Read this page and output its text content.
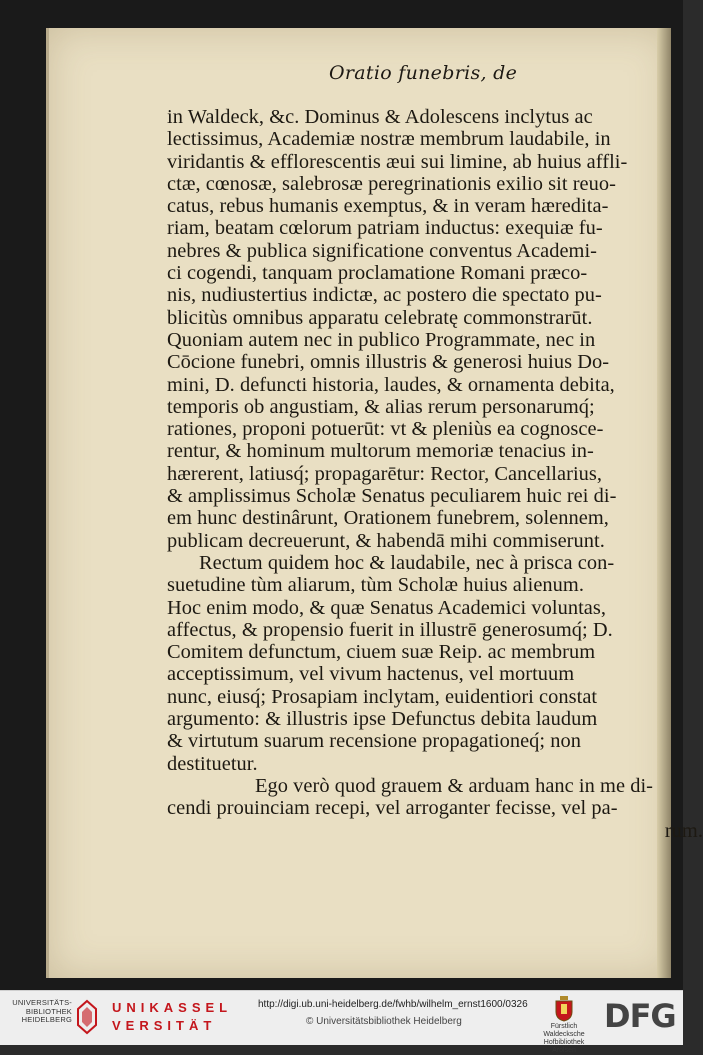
Oratio funebris, de
in Waldeck, &c. Dominus & Adolescens inclytus ac
lectissimus, Academiæ nostræ membrum laudabile, in
viridantis & efflorescentis æui sui limine, ab huius affli-
ctæ, cœnosæ, salebrosæ peregrinationis exilio sit reuo-
catus, rebus humanis exemptus, & in veram hæredita-
riam, beatam cœlorum patriam inductus: exequiæ fu-
nebres & publica significatione conventus Academi-
ci cogendi, tanquam proclamatione Romani præco-
nis, nudiustertius indictæ, ac postero die spectato pu-
blicitùs omnibus apparatu celebratę commonstrarūt.
Quoniam autem nec in publico Programmate, nec in
Cōcione funebri, omnis illustris & generosi huius Do-
mini, D. defuncti historia, laudes, & ornamenta debita,
temporis ob angustiam, & alias rerum personarumq́;
rationes, proponi potuerūt: vt & pleniùs ea cognosce-
rentur, & hominum multorum memoriæ tenacius in-
hærerent, latiusq́; propagarētur: Rector, Cancellarius,
& amplissimus Scholæ Senatus peculiarem huic rei di-
em hunc destinârunt, Orationem funebrem, solennem,
publicam decreuerunt, & habendā mihi commiserunt.
Rectum quidem hoc & laudabile, nec à prisca con-
suetudine tùm aliarum, tùm Scholæ huius alienum.
Hoc enim modo, & quæ Senatus Academici voluntas,
affectus, & propensio fuerit in illustrē generosumq́; D.
Comitem defunctum, ciuem suæ Reip. ac membrum
acceptissimum, vel vivum hactenus, vel mortuum
nunc, eiusq́; Prosapiam inclytam, euidentiori constat
argumento: & illustris ipse Defunctus debita laudum
& virtutum suarum recensione propagationeq́; non
destituetur.
Ego verò quod grauem & arduam hanc in me di-
cendi prouinciam recepi, vel arroganter fecisse, vel pa-
rum.
UNIVERSITÄTS-
BIBLIOTHEK
HEIDELBERG
UNIKASSEL
VERSITÄT
http://digi.ub.uni-heidelberg.de/fwhb/wilhelm_ernst1600/0326
© Universitätsbibliothek Heidelberg	Fürstlich Waldecksche
Hofbibliothek Arolsen
DFG
